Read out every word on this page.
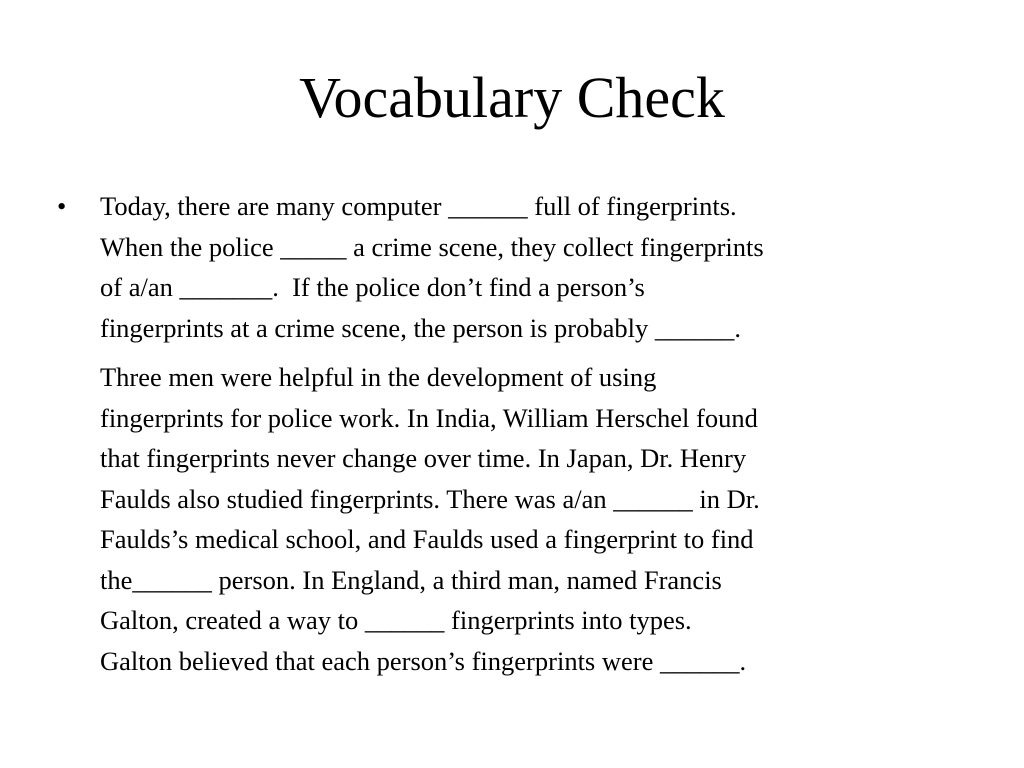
Vocabulary Check
•	Today, there are many computer ______ full of fingerprints.
When the police _____ a crime scene, they collect fingerprints
of a/an _______.  If the police don’t find a person’s
fingerprints at a crime scene, the person is probably ______.
Three men were helpful in the development of using
fingerprints for police work. In India, William Herschel found
that fingerprints never change over time. In Japan, Dr. Henry
Faulds also studied fingerprints. There was a/an ______ in Dr.
Faulds’s medical school, and Faulds used a fingerprint to find
the______ person. In England, a third man, named Francis
Galton, created a way to ______ fingerprints into types.
Galton believed that each person’s fingerprints were ______.
